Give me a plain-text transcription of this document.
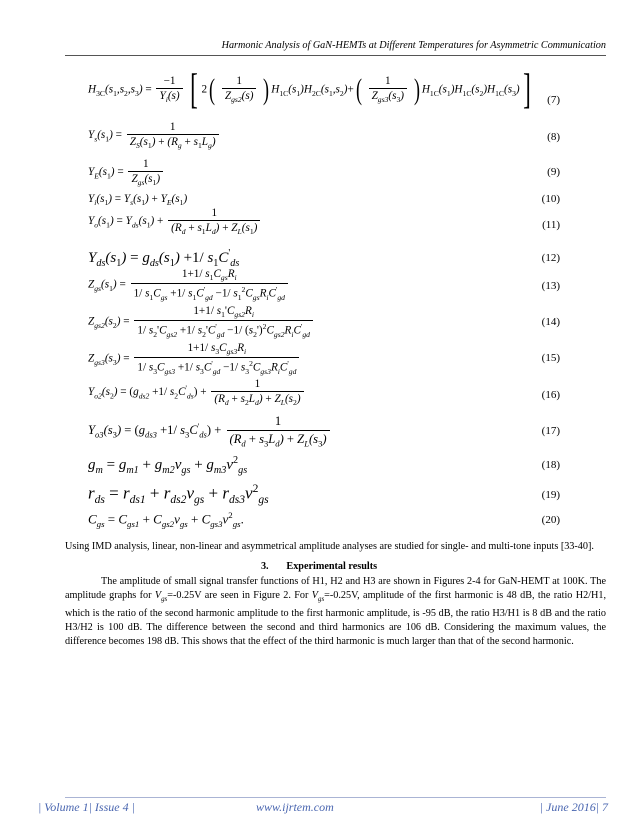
Harmonic Analysis of GaN-HEMTs at Different Temperatures for Asymmetric Communication
$H_{3C}(s_1,s_2,s_3) = \frac{-1}{Y_i(s)}$ [ $2( \frac{1}{Z_{gs2}(s)}$ ) $H_{1C}(s_1)H_{2C}(s_1,s_2)+( \frac{1}{Z_{gs3}(s_3)}$ ) $H_{1C}(s_1)H_{1C}(s_2)H_{1C}(s_3)$] (7)
$Y_s(s_1) = \frac{1}{Z_S(s_1) + (R_g + s_1L_g)}$	(8)
$Y_E(s_1) = \frac{1}{Z_{gs}(s_1)}$	(9)
$Y_i(s_1) = Y_s(s_1) + Y_E(s_1)$	(10)
$Y_o(s_1) = Y_{ds}(s_1) + \frac{1}{(R_d + s_1L_d) + Z_L(s_1)}$	(11)
$Y_{ds}(s_1) = g_{ds}(s_1) +1/$ $s_1C'_{ds}$	(12)
$Z_{gs}(s_1) = \frac{1+1/ s_1C_{gs}R_i}{1/ s_1C_{gs} +1/ s_1C'_{gd} -1/ s_1^2C_{gs}R_iC'_{gd}}$	(13)
$Z_{gs2}(s_2) = \frac{1+1/ s_1'C_{gs2}R_i}{1/ s_2'C_{gs2} +1/ s_2'C'_{gd} -1/ (s_2')^2C_{gs2}R_iC'_{gd}}$	(14)
$Z_{gs3}(s_3) = \frac{1+1/ s_3C_{gs3}R_i}{1/ s_3C_{gs3} +1/ s_3C'_{gd} -1/ s_3^2C_{gs3}R_iC'_{gd}}$	(15)
$Y_{o2}(s_2) = (g_{ds2} +1/$ $s_2C'_{ds}) + \frac{1}{(R_d + s_2L_d) + Z_L(s_2)}$	(16)
$Y_{o3}(s_3) = (g_{ds3} +1/$ $s_3C'_{ds}) + \frac{1}{(R_d + s_3L_d) + Z_L(s_3)}$	(17)
$g_m = g_{m1} + g_{m2}v_{gs} + g_{m3}v^2_{gs}$	(18)
$r_{ds} = r_{ds1} + r_{ds2}v_{gs} + r_{ds3}v^2_{gs}$	(19)
$C_{gs} = C_{gs1} + C_{gs2}v_{gs} + C_{gs3}v^2_{gs}$.	(20)
Using IMD analysis, linear, non-linear and asymmetrical amplitude analyses are studied for single- and multi-tone inputs [33-40].
3. Experimental results
The amplitude of small signal transfer functions of H1, H2 and H3 are shown in Figures 2-4 for GaN-HEMT at 100K. The amplitude graphs for $V_{gs}=-0.25V$ are seen in Figure 2. For $V_{gs}=-0.25V$, amplitude of the first harmonic is 48 dB, the ratio H2/H1, which is the ratio of the second harmonic amplitude to the first harmonic amplitude, is -95 dB, the ratio H3/H1 is 8 dB and the ratio H3/H2 is 100 dB. The difference between the second and third harmonics are 106 dB. Considering the maximum values, the difference becomes 198 dB. This shows that the effect of the third harmonic is much larger than that of the second harmonic.
| Volume 1| Issue 4 |	www.ijrtem.com	| June 2016| 7
